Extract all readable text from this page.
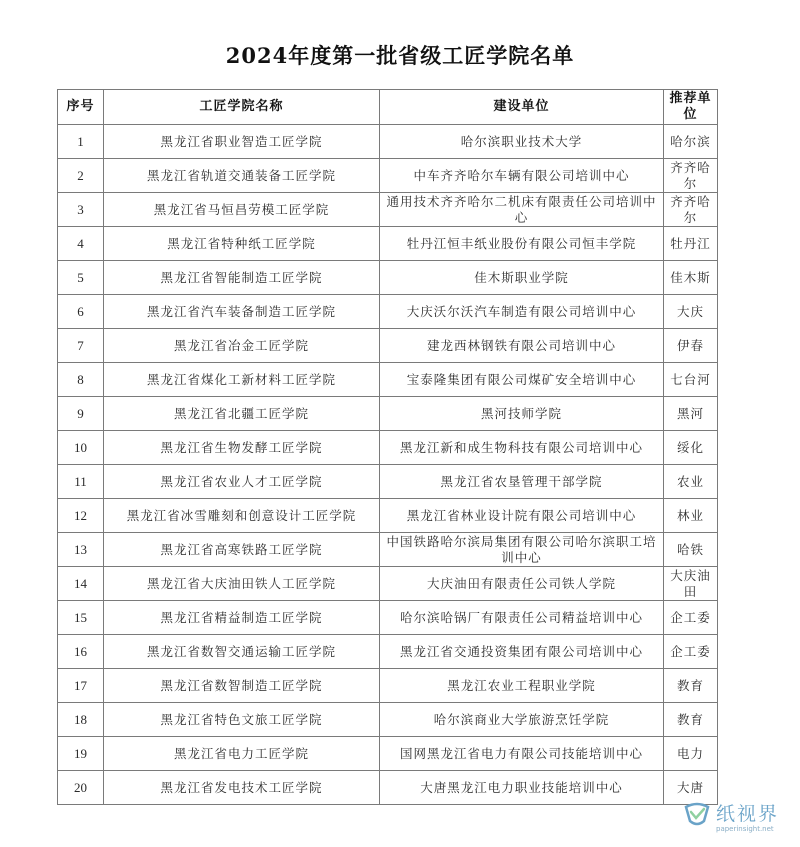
2024年度第一批省级工匠学院名单
序号	工匠学院名称	建设单位	推荐单位
1	黑龙江省职业智造工匠学院	哈尔滨职业技术大学	哈尔滨
2	黑龙江省轨道交通装备工匠学院	中车齐齐哈尔车辆有限公司培训中心	齐齐哈尔
3	黑龙江省马恒昌劳模工匠学院	通用技术齐齐哈尔二机床有限责任公司培训中心	齐齐哈尔
4	黑龙江省特种纸工匠学院	牡丹江恒丰纸业股份有限公司恒丰学院	牡丹江
5	黑龙江省智能制造工匠学院	佳木斯职业学院	佳木斯
6	黑龙江省汽车装备制造工匠学院	大庆沃尔沃汽车制造有限公司培训中心	大庆
7	黑龙江省冶金工匠学院	建龙西林钢铁有限公司培训中心	伊春
8	黑龙江省煤化工新材料工匠学院	宝泰隆集团有限公司煤矿安全培训中心	七台河
9	黑龙江省北疆工匠学院	黑河技师学院	黑河
10	黑龙江省生物发酵工匠学院	黑龙江新和成生物科技有限公司培训中心	绥化
11	黑龙江省农业人才工匠学院	黑龙江省农垦管理干部学院	农业
12	黑龙江省冰雪雕刻和创意设计工匠学院	黑龙江省林业设计院有限公司培训中心	林业
13	黑龙江省高寒铁路工匠学院	中国铁路哈尔滨局集团有限公司哈尔滨职工培训中心	哈铁
14	黑龙江省大庆油田铁人工匠学院	大庆油田有限责任公司铁人学院	大庆油田
15	黑龙江省精益制造工匠学院	哈尔滨哈锅厂有限责任公司精益培训中心	企工委
16	黑龙江省数智交通运输工匠学院	黑龙江省交通投资集团有限公司培训中心	企工委
17	黑龙江省数智制造工匠学院	黑龙江农业工程职业学院	教育
18	黑龙江省特色文旅工匠学院	哈尔滨商业大学旅游烹饪学院	教育
19	黑龙江省电力工匠学院	国网黑龙江省电力有限公司技能培训中心	电力
20	黑龙江省发电技术工匠学院	大唐黑龙江电力职业技能培训中心	大唐
纸视界
paperinsight.net
